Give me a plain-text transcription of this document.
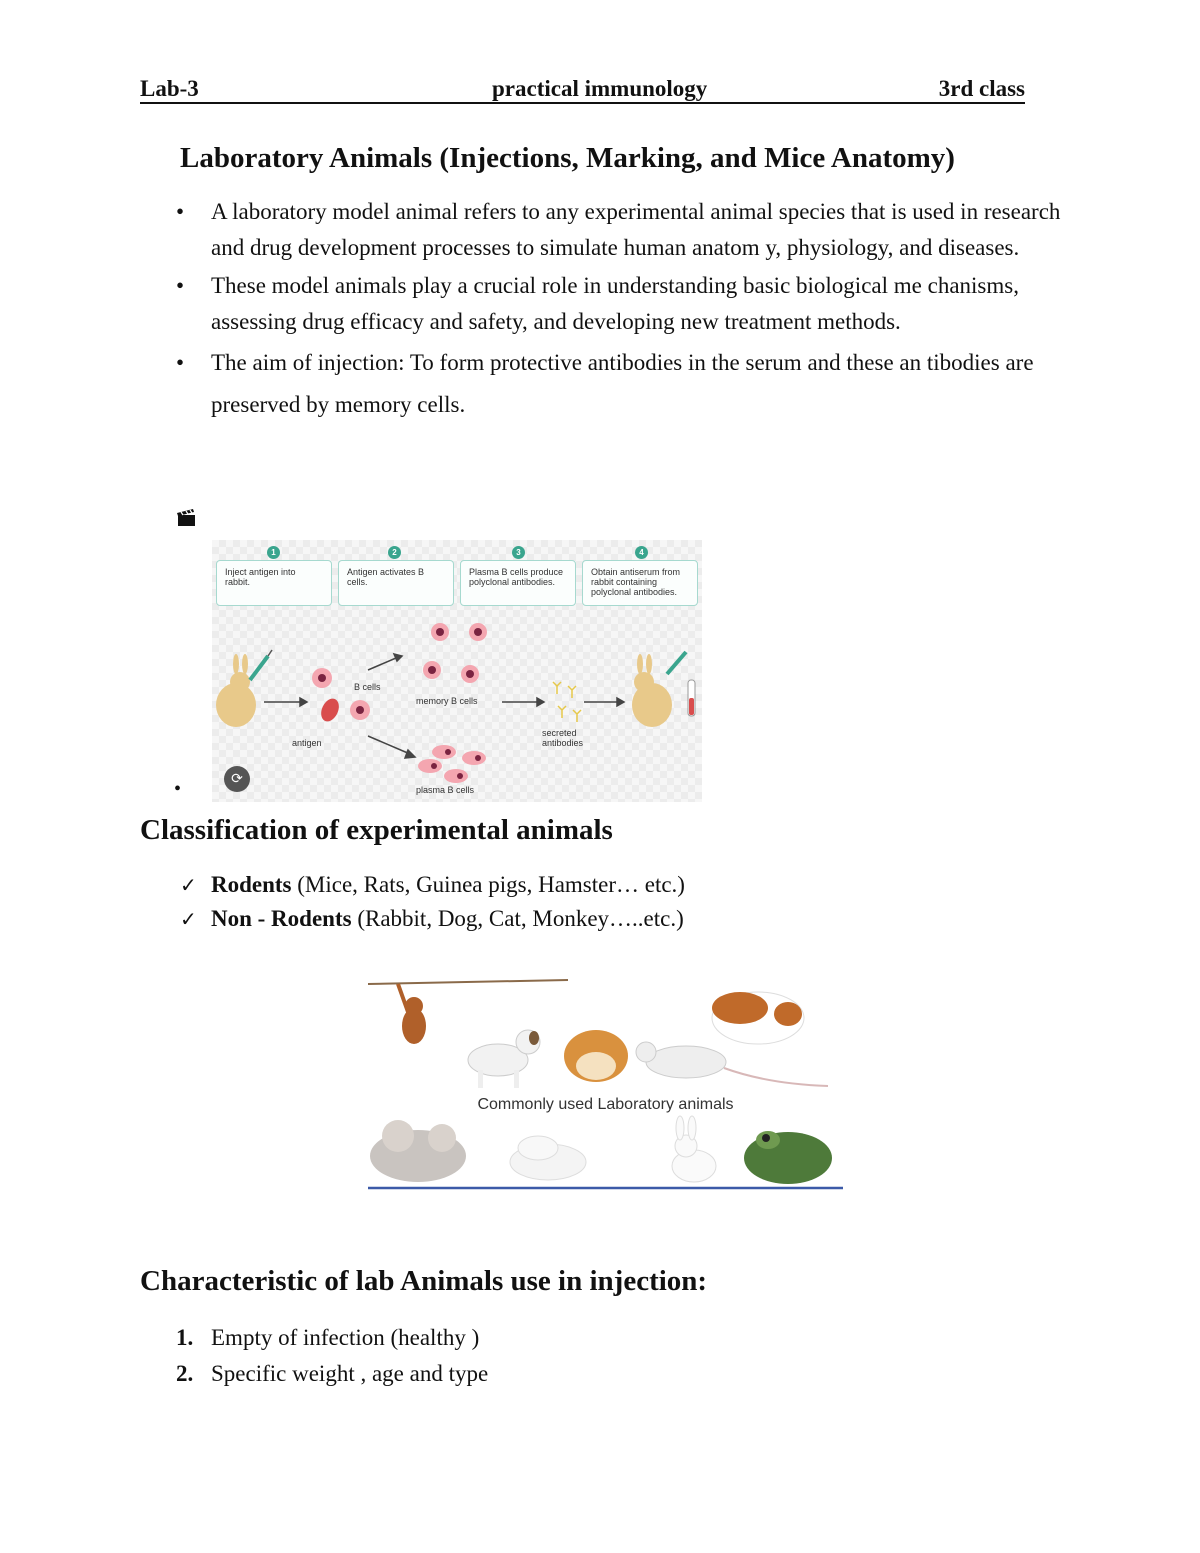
Lab-3	practical immunology	3rd class
Laboratory Animals (Injections, Marking, and Mice Anatomy)
• A laboratory model animal refers to any experimental animal species that is used in research and drug development processes to simulate human anatom y, physiology, and diseases.
• These model animals play a crucial role in understanding basic biological me chanisms, assessing drug efficacy and safety, and developing new treatment methods.
• The aim of injection: To form protective antibodies in the serum and these an tibodies are preserved by memory cells.
•
1	2	3	4
Inject antigen into rabbit.
Antigen activates B cells.
Plasma B cells produce polyclonal antibodies.
Obtain antiserum from rabbit containing polyclonal antibodies.
B cells
antigen
memory B cells
secreted antibodies
plasma B cells
⟳
Classification of experimental animals
✓ Rodents (Mice, Rats, Guinea pigs, Hamster… etc.)
✓ Non - Rodents (Rabbit, Dog, Cat, Monkey…..etc.)
Commonly used Laboratory animals
Characteristic of lab Animals use in injection:
1. Empty of infection (healthy )
2. Specific weight , age and type
